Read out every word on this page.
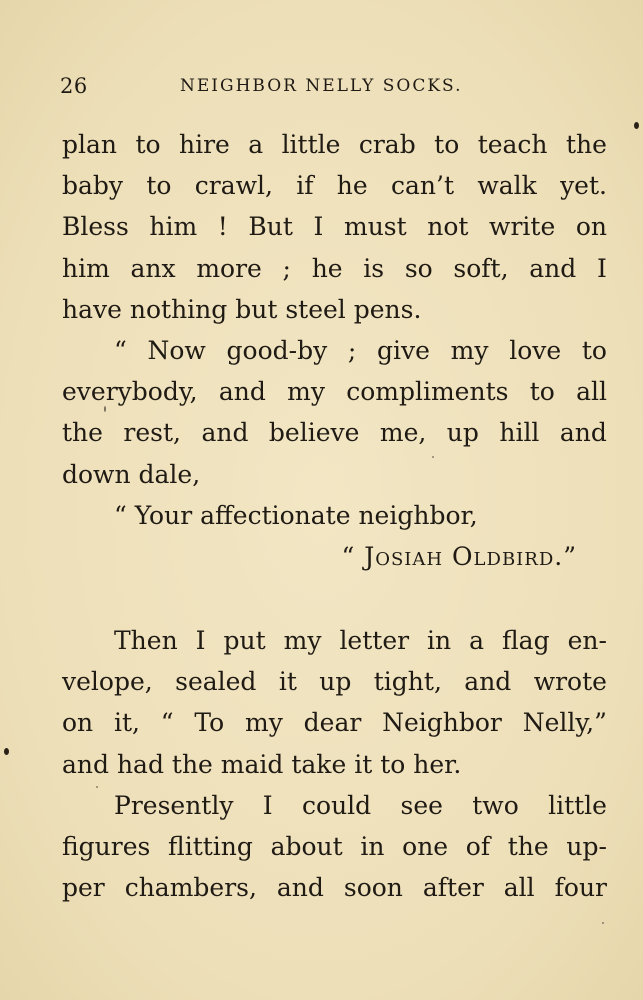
26	NEIGHBOR NELLY SOCKS.
plan to hire a little crab to teach the
baby to crawl, if he can’t walk yet.
Bless him ! But I must not write on
him anx more ; he is so soft, and I
have nothing but steel pens.
“ Now good-by ; give my love to
everybody, and my compliments to all
the rest, and believe me, up hill and
down dale,
“ Your affectionate neighbor,
“ Josiah Oldbird.”
Then I put my letter in a flag en-
velope, sealed it up tight, and wrote
on it, “ To my dear Neighbor Nelly,”
and had the maid take it to her.
Presently I could see two little
figures flitting about in one of the up-
per chambers, and soon after all four
